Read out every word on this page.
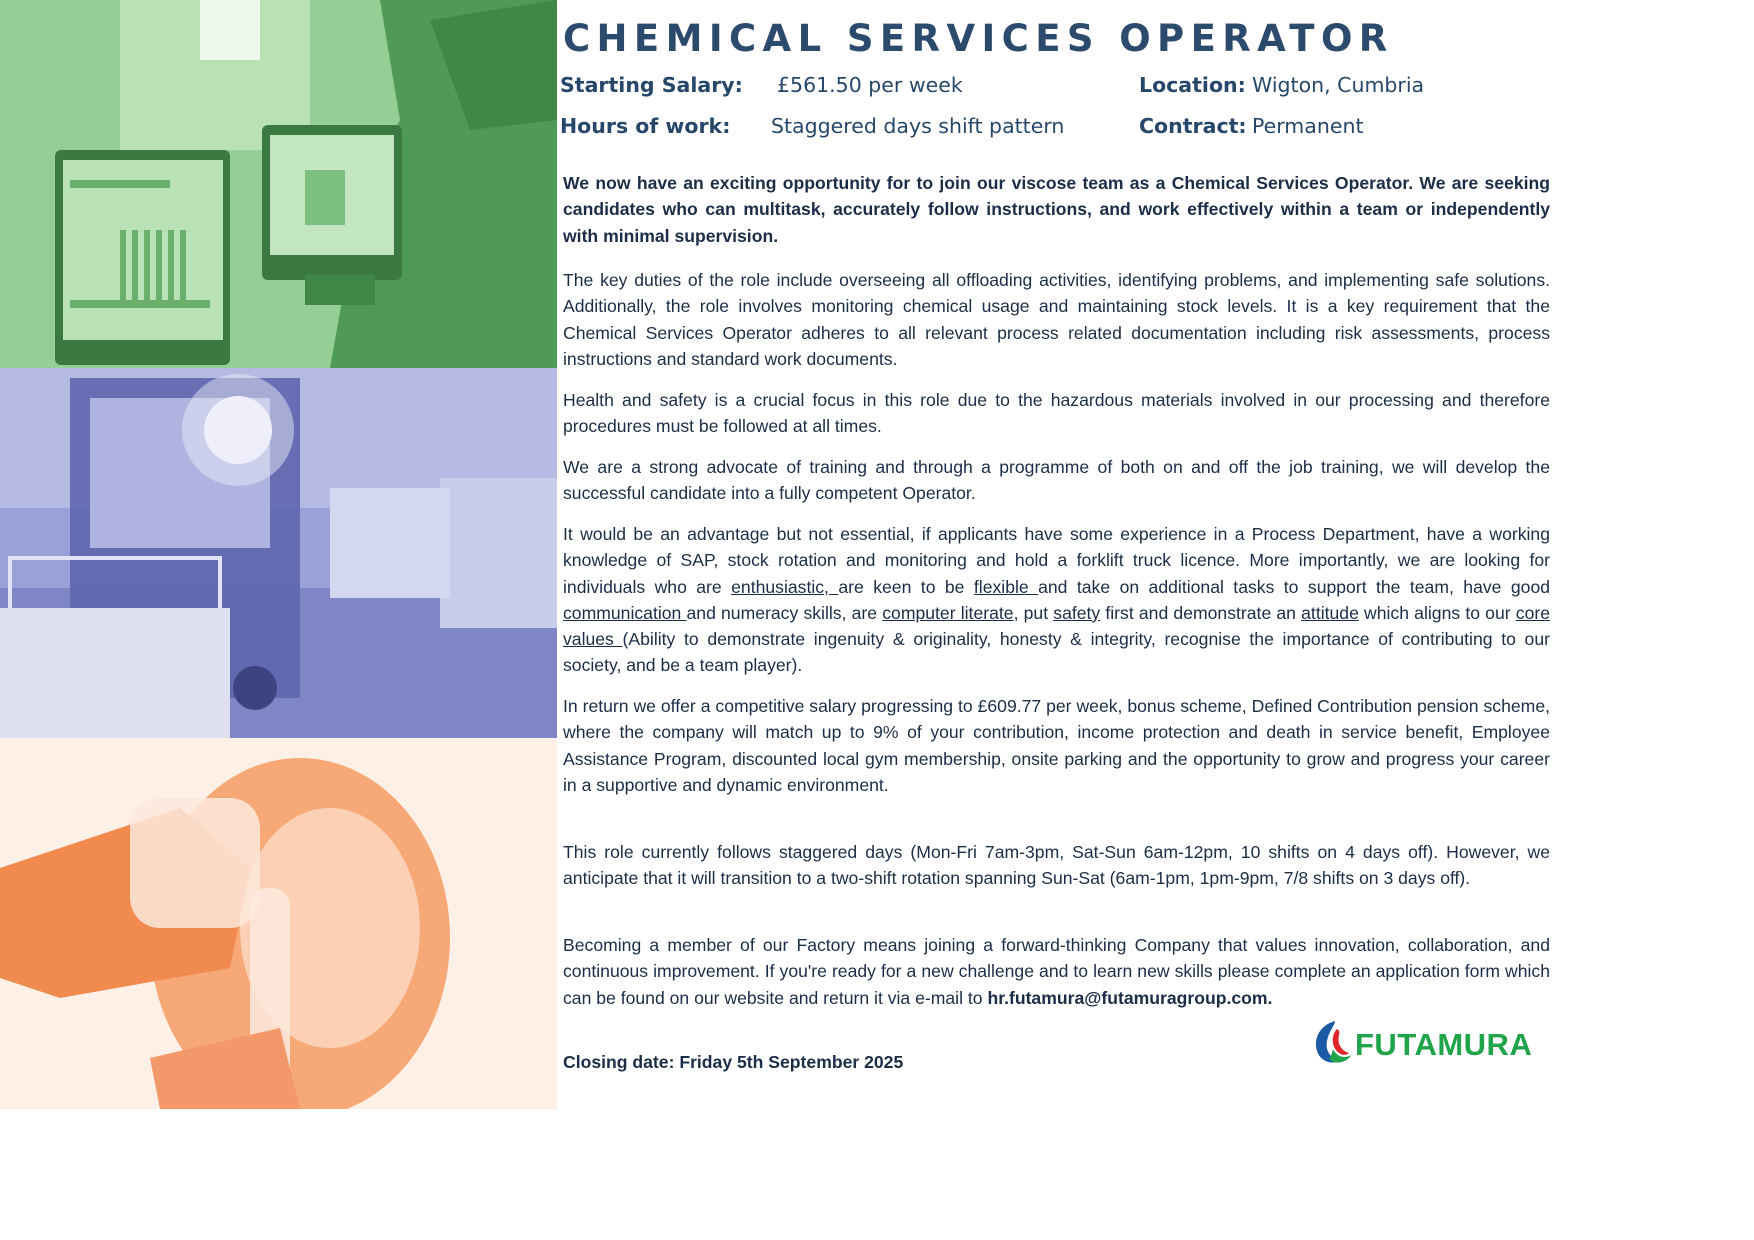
CHEMICAL SERVICES OPERATOR
Starting Salary: £561.50 per week	Location: Wigton, Cumbria
Hours of work: Staggered days shift pattern	Contract: Permanent

We now have an exciting opportunity for to join our viscose team as a Chemical Services Operator. We are seeking candidates who can multitask, accurately follow instructions, and work effectively within a team or independently with minimal supervision.

The key duties of the role include overseeing all offloading activities, identifying problems, and implementing safe solutions. Additionally, the role involves monitoring chemical usage and maintaining stock levels. It is a key requirement that the Chemical Services Operator adheres to all relevant process related documentation including risk assessments, process instructions and standard work documents.

Health and safety is a crucial focus in this role due to the hazardous materials involved in our processing and therefore procedures must be followed at all times.

We are a strong advocate of training and through a programme of both on and off the job training, we will develop the successful candidate into a fully competent Operator.

It would be an advantage but not essential, if applicants have some experience in a Process Department, have a working knowledge of SAP, stock rotation and monitoring and hold a forklift truck licence. More importantly, we are looking for individuals who are enthusiastic, are keen to be flexible and take on additional tasks to support the team, have good communication and numeracy skills, are computer literate, put safety first and demonstrate an attitude which aligns to our core values (Ability to demonstrate ingenuity & originality, honesty & integrity, recognise the importance of contributing to our society, and be a team player).

In return we offer a competitive salary progressing to £609.77 per week, bonus scheme, Defined Contribution pension scheme, where the company will match up to 9% of your contribution, income protection and death in service benefit, Employee Assistance Program, discounted local gym membership, onsite parking and the opportunity to grow and progress your career in a supportive and dynamic environment.

This role currently follows staggered days (Mon-Fri 7am-3pm, Sat-Sun 6am-12pm, 10 shifts on 4 days off). However, we anticipate that it will transition to a two-shift rotation spanning Sun-Sat (6am-1pm, 1pm-9pm, 7/8 shifts on 3 days off).

Becoming a member of our Factory means joining a forward-thinking Company that values innovation, collaboration, and continuous improvement. If you're ready for a new challenge and to learn new skills please complete an application form which can be found on our website and return it via e-mail to hr.futamura@futamuragroup.com.

Closing date: Friday 5th September 2025	FUTAMURA
